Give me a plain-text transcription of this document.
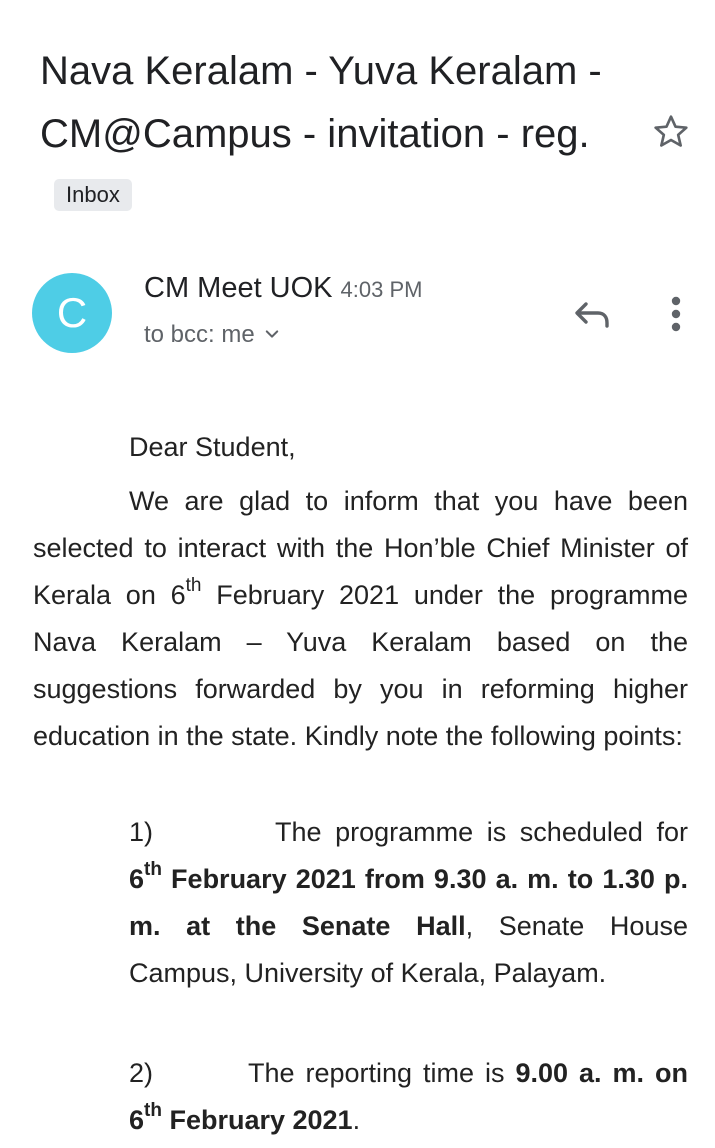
Nava Keralam - Yuva Keralam - CM@Campus - invitation - reg.Inbox
C
CM Meet UOK 4:03 PM
to bcc: me
Dear Student,
We are glad to inform that you have been selected to interact with the Hon’ble Chief Minister of Kerala on 6th February 2021 under the programme Nava Keralam – Yuva Keralam based on the suggestions forwarded by you in reforming higher education in the state. Kindly note the following points:
1)	The programme is scheduled for 6th February 2021 from 9.30 a. m. to 1.30 p. m. at the Senate Hall, Senate House Campus, University of Kerala, Palayam.
2)	The reporting time is 9.00 a. m. on 6th February 2021.
